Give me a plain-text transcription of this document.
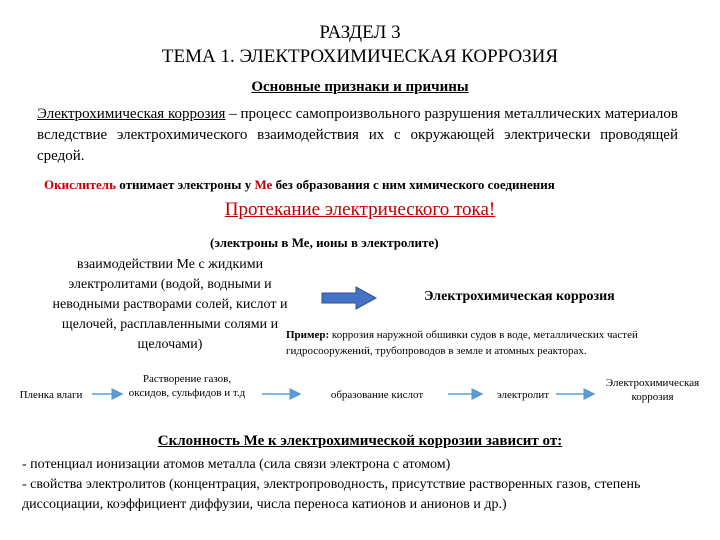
РАЗДЕЛ 3
ТЕМА 1. ЭЛЕКТРОХИМИЧЕСКАЯ КОРРОЗИЯ
Основные признаки и причины
Электрохимическая коррозия – процесс самопроизвольного разрушения металлических материалов вследствие электрохимического взаимодействия их с окружающей электрически проводящей средой.
Окислитель отнимает электроны у Ме без образования с ним химического соединения
Протекание электрического тока!
(электроны в Ме, ионы в электролите)
взаимодействии Ме с жидкими электролитами (водой, водными и неводными растворами солей, кислот и щелочей, расплавленными солями и щелочами)
Электрохимическая коррозия
Пример: коррозия наружной обшивки судов в воде, металлических частей гидросооружений, трубопроводов в земле и атомных реакторах.
Пленка влаги
Растворение газов, оксидов, сульфидов и т.д	образование кислот	электролит
Электрохимическая коррозия
Склонность Ме к электрохимической коррозии зависит от:
- потенциал ионизации атомов металла (сила связи электрона с атомом)
- свойства электролитов (концентрация, электропроводность, присутствие растворенных газов, степень диссоциации, коэффициент диффузии, числа переноса катионов и анионов и др.)
